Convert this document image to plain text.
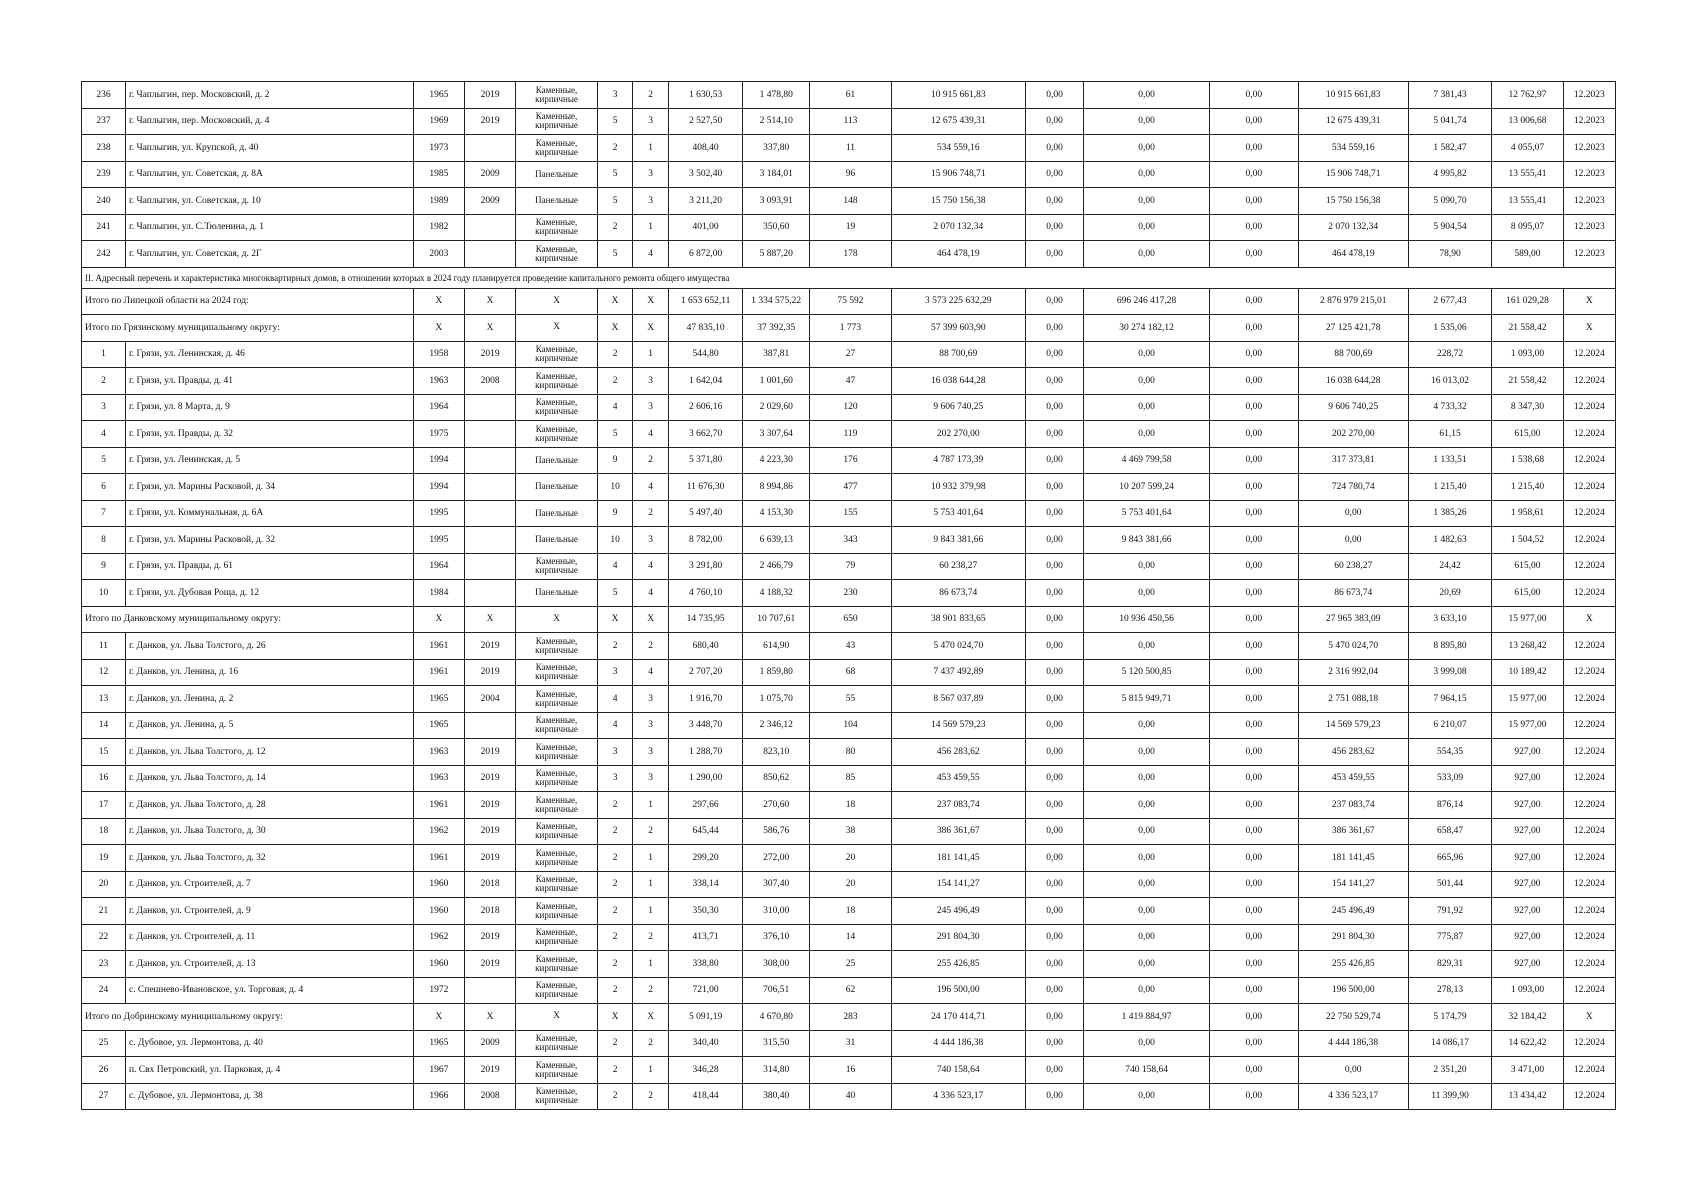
236	г. Чаплыгин, пер. Московский, д. 2	1965	2019	Каменные, кирпичные	3	2	1 630,53	1 478,80	61	10 915 661,83	0,00	0,00	0,00	10 915 661,83	7 381,43	12 762,97	12.2023
237	г. Чаплыгин, пер. Московский, д. 4	1969	2019	Каменные, кирпичные	5	3	2 527,50	2 514,10	113	12 675 439,31	0,00	0,00	0,00	12 675 439,31	5 041,74	13 006,68	12.2023
238	г. Чаплыгин, ул. Крупской, д. 40	1973		Каменные, кирпичные	2	1	408,40	337,80	11	534 559,16	0,00	0,00	0,00	534 559,16	1 582,47	4 055,07	12.2023
239	г. Чаплыгин, ул. Советская, д. 8А	1985	2009	Панельные	5	3	3 502,40	3 184,01	96	15 906 748,71	0,00	0,00	0,00	15 906 748,71	4 995,82	13 555,41	12.2023
240	г. Чаплыгин, ул. Советская, д. 10	1989	2009	Панельные	5	3	3 211,20	3 093,91	148	15 750 156,38	0,00	0,00	0,00	15 750 156,38	5 090,70	13 555,41	12.2023
241	г. Чаплыгин, ул. С.Тюленина, д. 1	1982		Каменные, кирпичные	2	1	401,00	350,60	19	2 070 132,34	0,00	0,00	0,00	2 070 132,34	5 904,54	8 095,07	12.2023
242	г. Чаплыгин, ул. Советская, д. 2Г	2003		Каменные, кирпичные	5	4	6 872,00	5 887,20	178	464 478,19	0,00	0,00	0,00	464 478,19	78,90	589,00	12.2023
II. Адресный перечень и характеристика многоквартирных домов, в отношении которых в 2024 году планируется проведение капитального ремонта общего имущества																	
Итого по Липецкой области на 2024 год:		X	X	X	X	X	1 653 652,11	1 334 575,22	75 592	3 573 225 632,29	0,00	696 246 417,28	0,00	2 876 979 215,01	2 677,43	161 029,28	X
Итого по Грязинскому муниципальному округу:		X	X	X	X	X	47 835,10	37 392,35	1 773	57 399 603,90	0,00	30 274 182,12	0,00	27 125 421,78	1 535,06	21 558,42	X
1	г. Грязи, ул. Ленинская, д. 46	1958	2019	Каменные, кирпичные	2	1	544,80	387,81	27	88 700,69	0,00	0,00	0,00	88 700,69	228,72	1 093,00	12.2024
2	г. Грязи, ул. Правды, д. 41	1963	2008	Каменные, кирпичные	2	3	1 642,04	1 001,60	47	16 038 644,28	0,00	0,00	0,00	16 038 644,28	16 013,02	21 558,42	12.2024
3	г. Грязи, ул. 8 Марта, д. 9	1964		Каменные, кирпичные	4	3	2 606,16	2 029,60	120	9 606 740,25	0,00	0,00	0,00	9 606 740,25	4 733,32	8 347,30	12.2024
4	г. Грязи, ул. Правды, д. 32	1975		Каменные, кирпичные	5	4	3 662,70	3 307,64	119	202 270,00	0,00	0,00	0,00	202 270,00	61,15	615,00	12.2024
5	г. Грязи, ул. Ленинская, д. 5	1994		Панельные	9	2	5 371,80	4 223,30	176	4 787 173,39	0,00	4 469 799,58	0,00	317 373,81	1 133,51	1 538,68	12.2024
6	г. Грязи, ул. Марины Расковой, д. 34	1994		Панельные	10	4	11 676,30	8 994,86	477	10 932 379,98	0,00	10 207 599,24	0,00	724 780,74	1 215,40	1 215,40	12.2024
7	г. Грязи, ул. Коммунальная, д. 6А	1995		Панельные	9	2	5 497,40	4 153,30	155	5 753 401,64	0,00	5 753 401,64	0,00	0,00	1 385,26	1 958,61	12.2024
8	г. Грязи, ул. Марины Расковой, д. 32	1995		Панельные	10	3	8 782,00	6 639,13	343	9 843 381,66	0,00	9 843 381,66	0,00	0,00	1 482,63	1 504,52	12.2024
9	г. Грязи, ул. Правды, д. 61	1964		Каменные, кирпичные	4	4	3 291,80	2 466,79	79	60 238,27	0,00	0,00	0,00	60 238,27	24,42	615,00	12.2024
10	г. Грязи, ул. Дубовая Роща, д. 12	1984		Панельные	5	4	4 760,10	4 188,32	230	86 673,74	0,00	0,00	0,00	86 673,74	20,69	615,00	12.2024
Итого по Данковскому муниципальному округу:		X	X	X	X	X	14 735,95	10 707,61	650	38 901 833,65	0,00	10 936 450,56	0,00	27 965 383,09	3 633,10	15 977,00	X
11	г. Данков, ул. Льва Толстого, д. 26	1961	2019	Каменные, кирпичные	2	2	680,40	614,90	43	5 470 024,70	0,00	0,00	0,00	5 470 024,70	8 895,80	13 268,42	12.2024
12	г. Данков, ул. Ленина, д. 16	1961	2019	Каменные, кирпичные	3	4	2 707,20	1 859,80	68	7 437 492,89	0,00	5 120 500,85	0,00	2 316 992,04	3 999,08	10 189,42	12.2024
13	г. Данков, ул. Ленина, д. 2	1965	2004	Каменные, кирпичные	4	3	1 916,70	1 075,70	55	8 567 037,89	0,00	5 815 949,71	0,00	2 751 088,18	7 964,15	15 977,00	12.2024
14	г. Данков, ул. Ленина, д. 5	1965		Каменные, кирпичные	4	3	3 448,70	2 346,12	104	14 569 579,23	0,00	0,00	0,00	14 569 579,23	6 210,07	15 977,00	12.2024
15	г. Данков, ул. Льва Толстого, д. 12	1963	2019	Каменные, кирпичные	3	3	1 288,70	823,10	80	456 283,62	0,00	0,00	0,00	456 283,62	554,35	927,00	12.2024
16	г. Данков, ул. Льва Толстого, д. 14	1963	2019	Каменные, кирпичные	3	3	1 290,00	850,62	85	453 459,55	0,00	0,00	0,00	453 459,55	533,09	927,00	12.2024
17	г. Данков, ул. Льва Толстого, д. 28	1961	2019	Каменные, кирпичные	2	1	297,66	270,60	18	237 083,74	0,00	0,00	0,00	237 083,74	876,14	927,00	12.2024
18	г. Данков, ул. Льва Толстого, д. 30	1962	2019	Каменные, кирпичные	2	2	645,44	586,76	38	386 361,67	0,00	0,00	0,00	386 361,67	658,47	927,00	12.2024
19	г. Данков, ул. Льва Толстого, д. 32	1961	2019	Каменные, кирпичные	2	1	299,20	272,00	20	181 141,45	0,00	0,00	0,00	181 141,45	665,96	927,00	12.2024
20	г. Данков, ул. Строителей, д. 7	1960	2018	Каменные, кирпичные	2	1	338,14	307,40	20	154 141,27	0,00	0,00	0,00	154 141,27	501,44	927,00	12.2024
21	г. Данков, ул. Строителей, д. 9	1960	2018	Каменные, кирпичные	2	1	350,30	310,00	18	245 496,49	0,00	0,00	0,00	245 496,49	791,92	927,00	12.2024
22	г. Данков, ул. Строителей, д. 11	1962	2019	Каменные, кирпичные	2	2	413,71	376,10	14	291 804,30	0,00	0,00	0,00	291 804,30	775,87	927,00	12.2024
23	г. Данков, ул. Строителей, д. 13	1960	2019	Каменные, кирпичные	2	1	338,80	308,00	25	255 426,85	0,00	0,00	0,00	255 426,85	829,31	927,00	12.2024
24	с. Спешнево-Ивановское, ул. Торговая, д. 4	1972		Каменные, кирпичные	2	2	721,00	706,51	62	196 500,00	0,00	0,00	0,00	196 500,00	278,13	1 093,00	12.2024
Итого по Добринскому муниципальному округу:		X	X	X	X	X	5 091,19	4 670,80	283	24 170 414,71	0,00	1 419 884,97	0,00	22 750 529,74	5 174,79	32 184,42	X
25	с. Дубовое, ул. Лермонтова, д. 40	1965	2009	Каменные, кирпичные	2	2	340,40	315,50	31	4 444 186,38	0,00	0,00	0,00	4 444 186,38	14 086,17	14 622,42	12.2024
26	п. Свх Петровский, ул. Парковая, д. 4	1967	2019	Каменные, кирпичные	2	1	346,28	314,80	16	740 158,64	0,00	740 158,64	0,00	0,00	2 351,20	3 471,00	12.2024
27	с. Дубовое, ул. Лермонтова, д. 38	1966	2008	Каменные, кирпичные	2	2	418,44	380,40	40	4 336 523,17	0,00	0,00	0,00	4 336 523,17	11 399,90	13 434,42	12.2024
